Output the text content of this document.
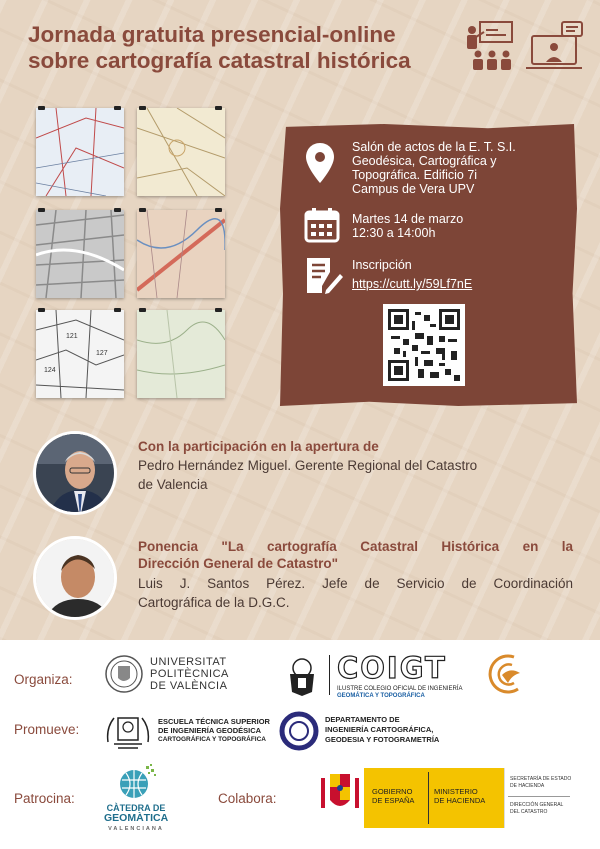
Jornada gratuita presencial-online
sobre cartografía catastral histórica
121
127
124
Salón de actos de la E. T. S.I.
Geodésica, Cartográfica y
Topográfica. Edificio 7i
Campus de Vera UPV
Martes 14 de marzo
12:30 a 14:00h
Inscripción
https://cutt.ly/59Lf7nE
Con la participación en la apertura de
Pedro Hernández Miguel. Gerente Regional del Catastro
de Valencia
Ponencia "La cartografía Catastral Histórica en la
Dirección General de Catastro"
Luis J. Santos Pérez. Jefe de Servicio de Coordinación
Cartográfica de la D.G.C.
Organiza:
Promueve:
Patrocina:	Colabora:
UNIVERSITAT
POLITÈCNICA
DE VALÈNCIA
COIGT
ILUSTRE COLEGIO OFICIAL DE INGENIERÍA
GEOMÁTICA Y TOPOGRÁFICA
ESCUELA TÉCNICA SUPERIOR
DE INGENIERÍA GEODÉSICA
CARTOGRÁFICA Y TOPOGRÁFICA
DEPARTAMENTO DE
INGENIERÍA CARTOGRÁFICA,
GEODESIA Y FOTOGRAMETRÍA
CÀTEDRA DE
GEOMÀTICA
VALENCIANA
GOBIERNO
DE ESPAÑA
MINISTERIO
DE HACIENDA
SECRETARÍA DE ESTADO
DE HACIENDA
DIRECCIÓN GENERAL
DEL CATASTRO
